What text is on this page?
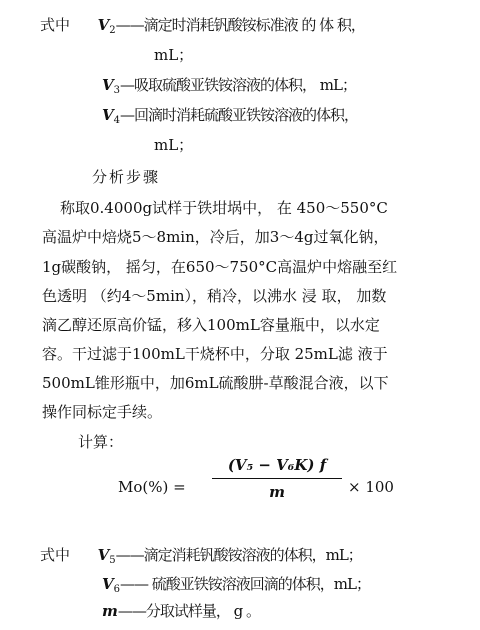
式中 $V_2——$滴定时消耗钒酸铵标准液 的 体 积，
mL；
$V_3—$吸取硫酸亚铁铵溶液的体积， mL；
$V_4—$回滴时消耗硫酸亚铁铵溶液的体积，
mL；
分析步骤
称取0.4000g试样于铁坩埚中， 在 450～550°C
高温炉中焙烧5～8min，冷后，加3～4g过氧化钠，
1g碳酸钠， 摇匀，在650～750°C高温炉中熔融至红
色透明 （约4～5min），稍冷，以沸水 浸 取， 加数
滴乙醇还原高价锰，移入100mL容量瓶中，以水定
容。干过滤于100mL干烧杯中，分取 25mL滤 液于
500mL锥形瓶中，加6mL硫酸肼-草酸混合液，以下
操作同标定手续。
计算：
Mo(%) =
(V₅ − V₆K) f
m	× 100
式中 $V_5——$滴定消耗钒酸铵溶液的体积，mL；
$V_6——$ 硫酸亚铁铵溶液回滴的体积，mL；
m——分取试样量， g 。
